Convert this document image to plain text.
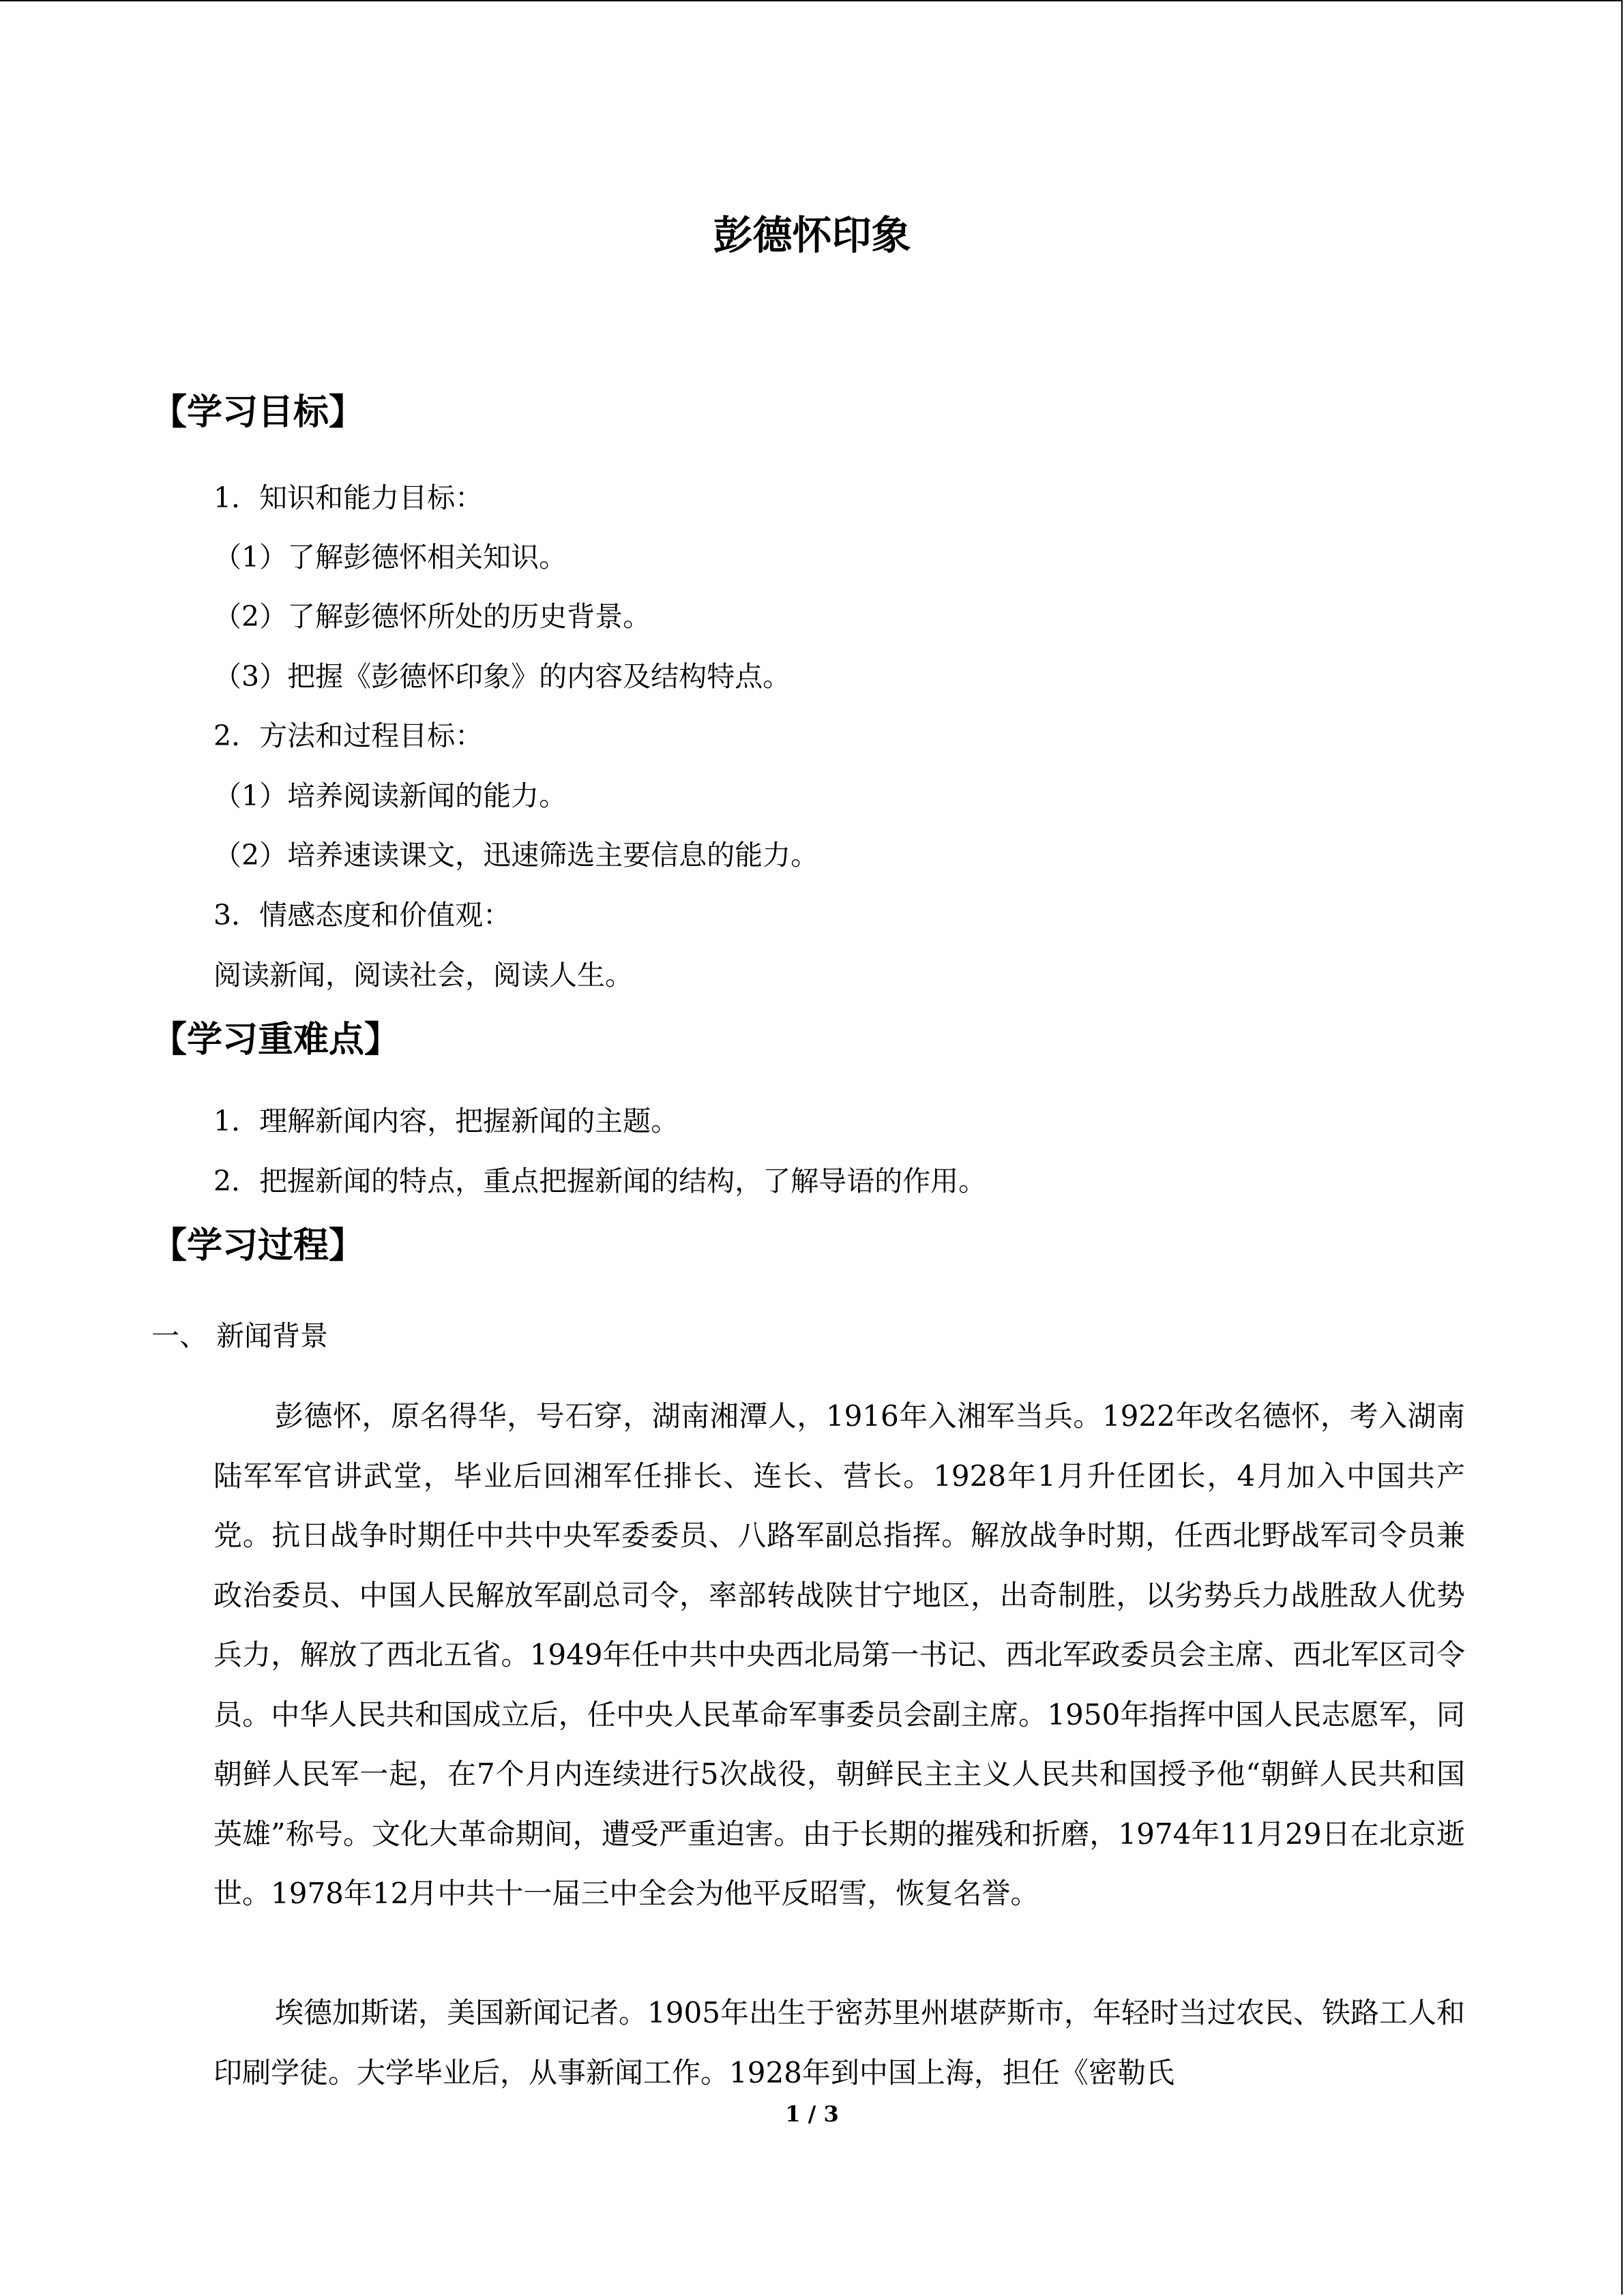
彭德怀印象
【学习目标】
1．知识和能力目标：
（1）了解彭德怀相关知识。
（2）了解彭德怀所处的历史背景。
（3）把握《彭德怀印象》的内容及结构特点。
2．方法和过程目标：
（1）培养阅读新闻的能力。
（2）培养速读课文，迅速筛选主要信息的能力。
3．情感态度和价值观：
阅读新闻，阅读社会，阅读人生。
【学习重难点】
1．理解新闻内容，把握新闻的主题。
2．把握新闻的特点，重点把握新闻的结构，了解导语的作用。
【学习过程】
一、 新闻背景
彭德怀，原名得华，号石穿，湖南湘潭人，1916年入湘军当兵。1922年改名德怀，考入湖南陆军军官讲武堂，毕业后回湘军任排长、连长、营长。1928年1月升任团长，4月加入中国共产党。抗日战争时期任中共中央军委委员、八路军副总指挥。解放战争时期，任西北野战军司令员兼政治委员、中国人民解放军副总司令，率部转战陕甘宁地区，出奇制胜，以劣势兵力战胜敌人优势兵力，解放了西北五省。1949年任中共中央西北局第一书记、西北军政委员会主席、西北军区司令员。中华人民共和国成立后，任中央人民革命军事委员会副主席。1950年指挥中国人民志愿军，同朝鲜人民军一起，在7个月内连续进行5次战役，朝鲜民主主义人民共和国授予他“朝鲜人民共和国英雄”称号。文化大革命期间，遭受严重迫害。由于长期的摧残和折磨，1974年11月29日在北京逝世。1978年12月中共十一届三中全会为他平反昭雪，恢复名誉。
埃德加斯诺，美国新闻记者。1905年出生于密苏里州堪萨斯市，年轻时当过农民、铁路工人和印刷学徒。大学毕业后，从事新闻工作。1928年到中国上海，担任《密勒氏
1 / 3
